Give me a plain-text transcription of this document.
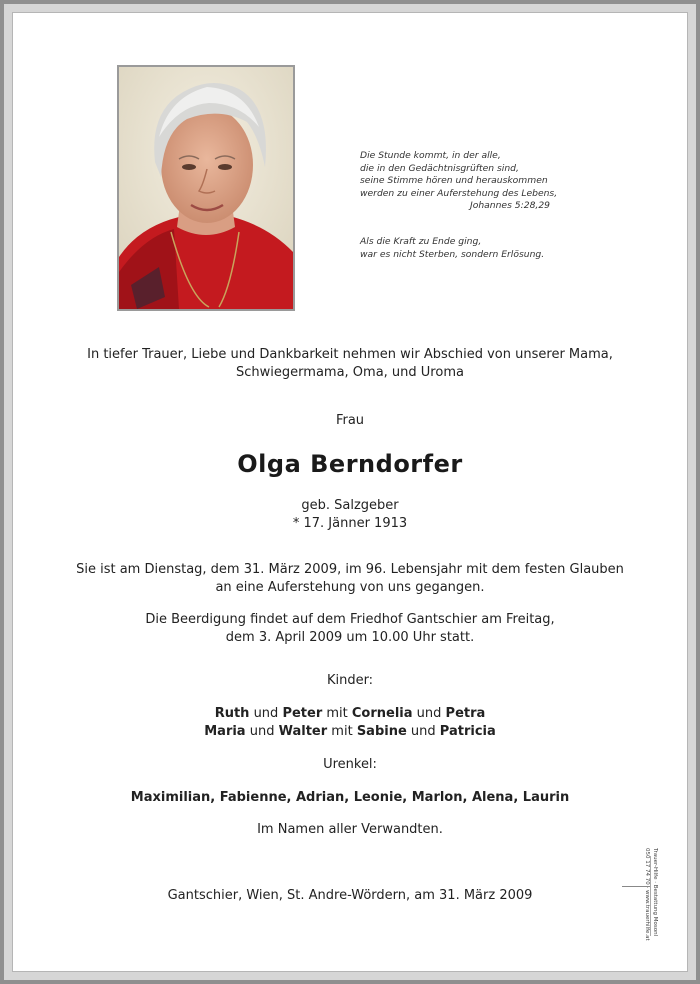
Die Stunde kommt, in der alle,
die in den Gedächtnisgrüften sind,
seine Stimme hören und herauskommen
werden zu einer Auferstehung des Lebens,
Johannes 5:28,29
Als die Kraft zu Ende ging,
war es nicht Sterben, sondern Erlösung.
In tiefer Trauer, Liebe und Dankbarkeit nehmen wir Abschied von unserer Mama,
Schwiegermama, Oma, und Uroma
Frau
Olga Berndorfer
geb. Salzgeber
* 17. Jänner 1913
Sie ist am Dienstag, dem 31. März 2009, im 96. Lebensjahr mit dem festen Glauben
an eine Auferstehung von uns gegangen.
Die Beerdigung findet auf dem Friedhof Gantschier am Freitag,
dem 3. April 2009 um 10.00 Uhr statt.
Kinder:
Ruth und Peter mit Cornelia und Petra
Maria und Walter mit Sabine und Patricia
Urenkel:
Maximilian, Fabienne, Adrian, Leonie, Marlon, Alena, Laurin
Im Namen aller Verwandten.
Gantschier, Wien, St. Andre-Wördern, am 31. März 2009	Trauer-Hilfe · Bestattung Mosonl
050 17 74 70 · www.trauerhilfe.at
